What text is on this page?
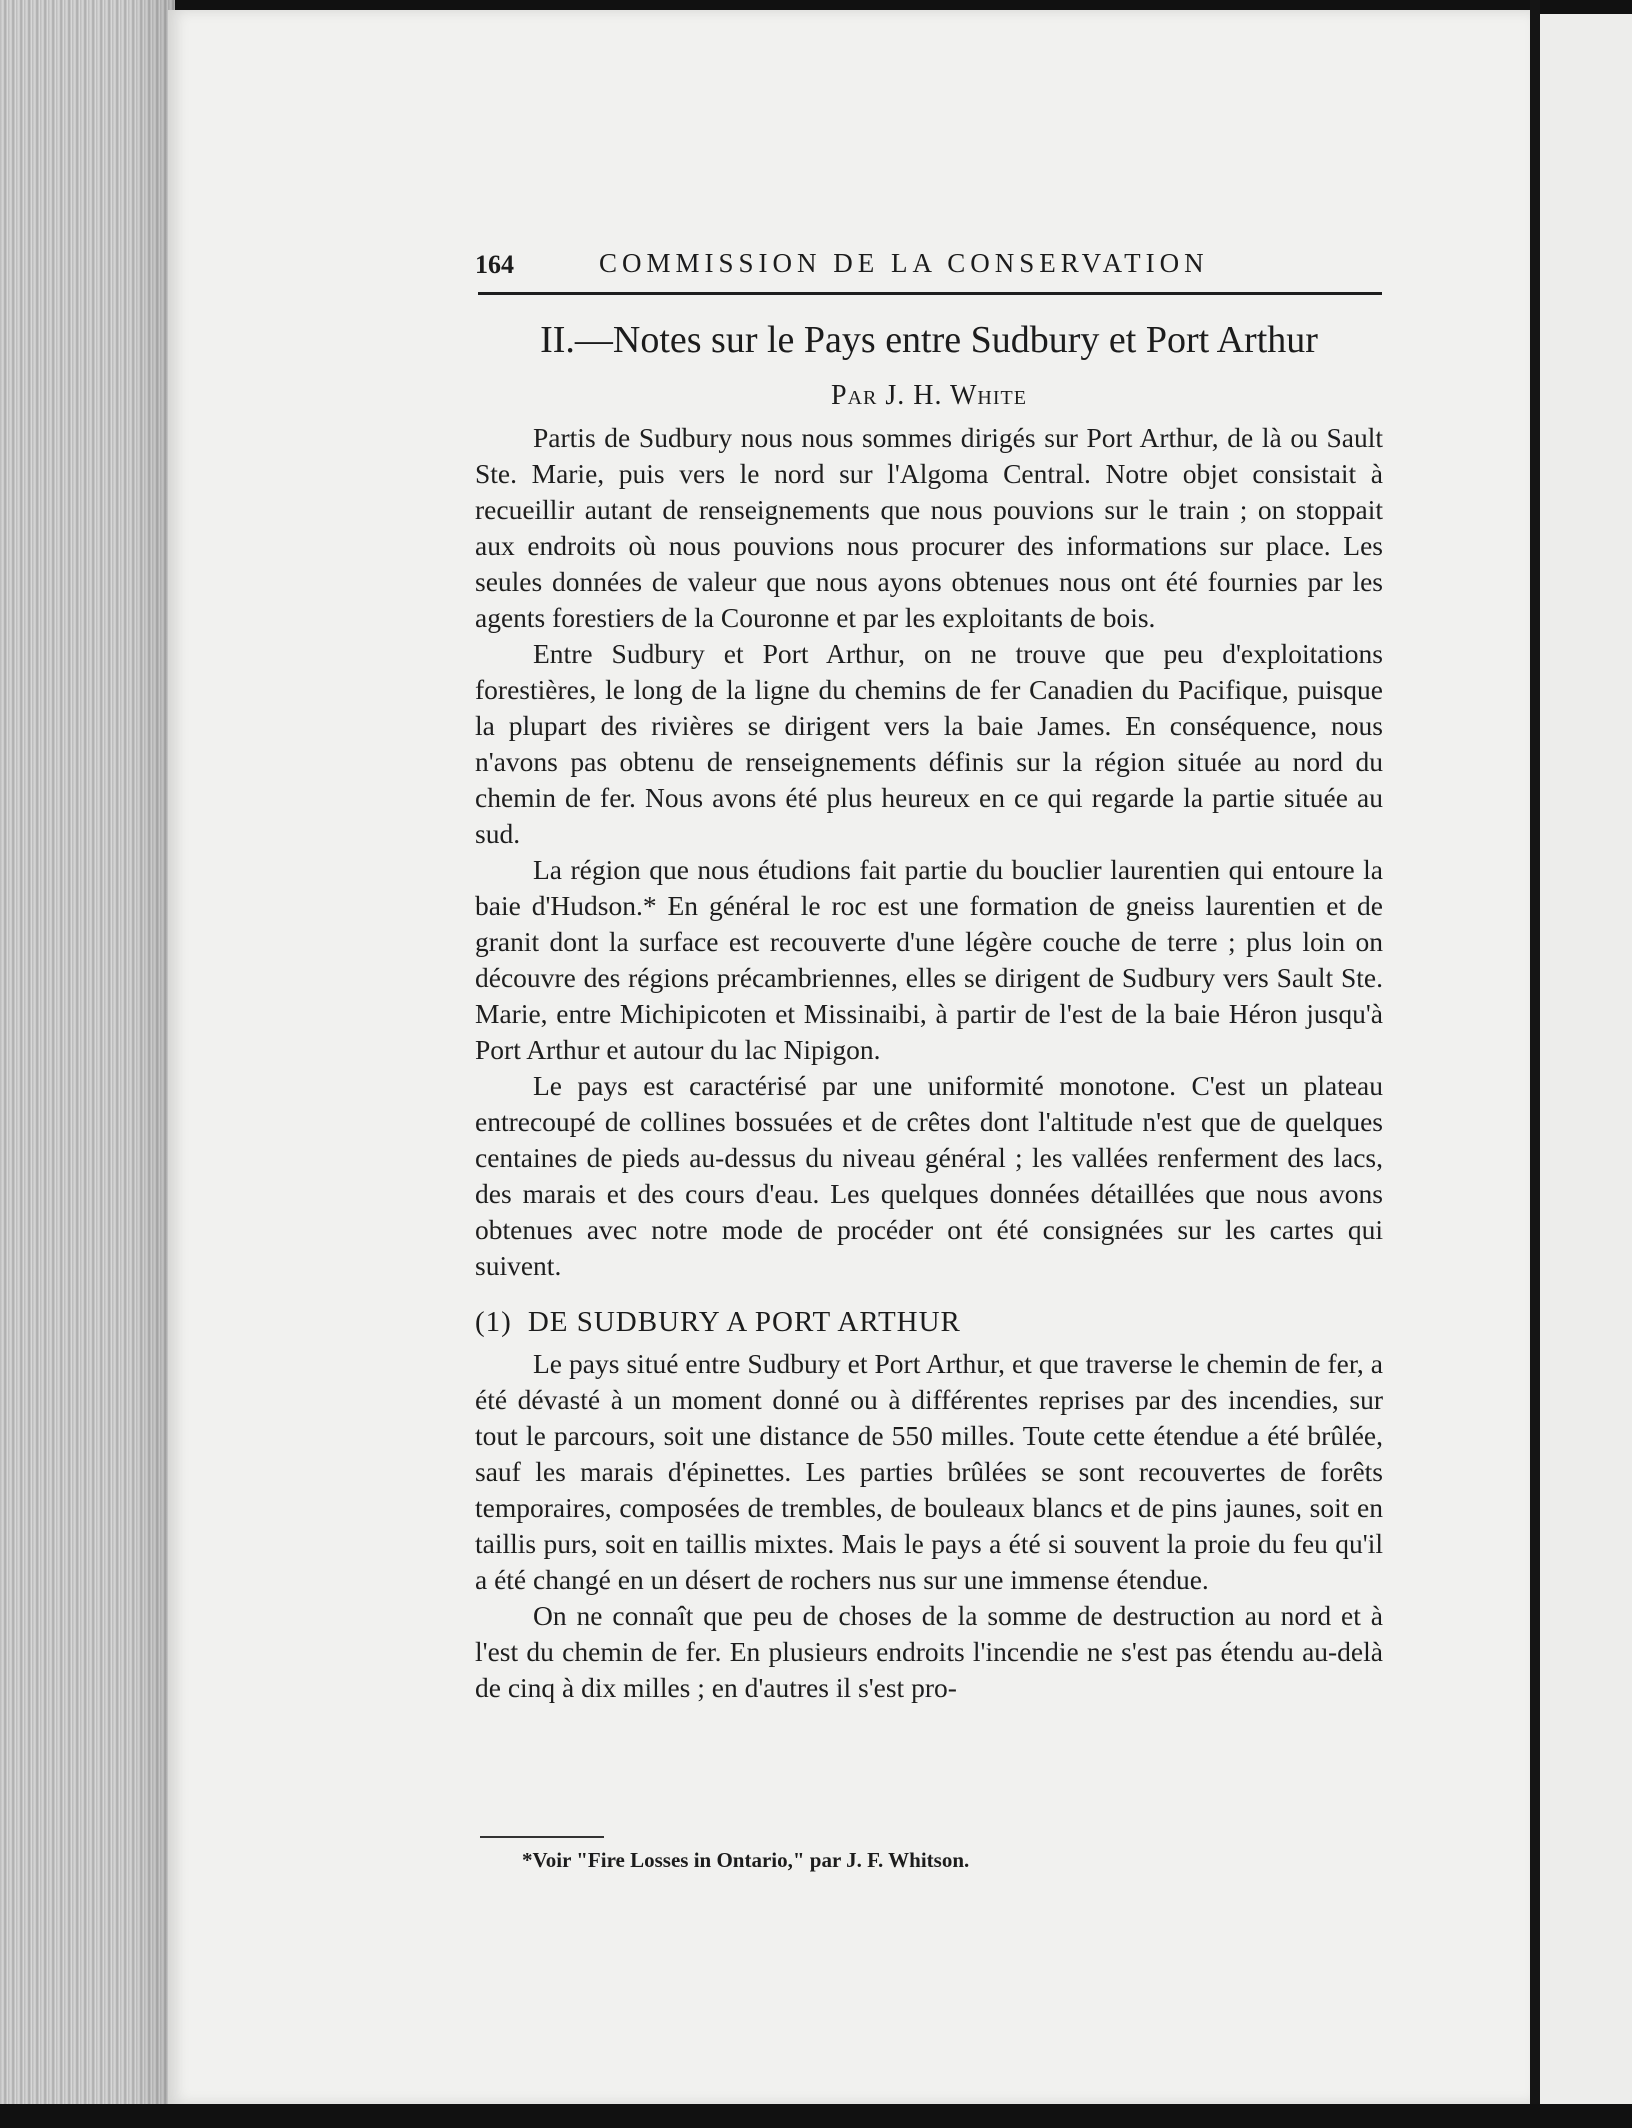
164	COMMISSION DE LA CONSERVATION
II.—Notes sur le Pays entre Sudbury et Port Arthur
Par J. H. White

Partis de Sudbury nous nous sommes dirigés sur Port Arthur, de là ou Sault Ste. Marie, puis vers le nord sur l'Algoma Central. Notre objet consistait à recueillir autant de renseignements que nous pouvions sur le train ; on stoppait aux endroits où nous pouvions nous procurer des informations sur place. Les seules données de valeur que nous ayons obtenues nous ont été fournies par les agents forestiers de la Couronne et par les exploitants de bois.

Entre Sudbury et Port Arthur, on ne trouve que peu d'exploitations forestières, le long de la ligne du chemins de fer Canadien du Pacifique, puisque la plupart des rivières se dirigent vers la baie James. En conséquence, nous n'avons pas obtenu de renseignements définis sur la région située au nord du chemin de fer. Nous avons été plus heureux en ce qui regarde la partie située au sud.

La région que nous étudions fait partie du bouclier laurentien qui entoure la baie d'Hudson.* En général le roc est une formation de gneiss laurentien et de granit dont la surface est recouverte d'une légère couche de terre ; plus loin on découvre des régions précambriennes, elles se dirigent de Sudbury vers Sault Ste. Marie, entre Michipicoten et Missinaibi, à partir de l'est de la baie Héron jusqu'à Port Arthur et autour du lac Nipigon.

Le pays est caractérisé par une uniformité monotone. C'est un plateau entrecoupé de collines bossuées et de crêtes dont l'altitude n'est que de quelques centaines de pieds au-dessus du niveau général ; les vallées renferment des lacs, des marais et des cours d'eau. Les quelques données détaillées que nous avons obtenues avec notre mode de procéder ont été consignées sur les cartes qui suivent.

(1) DE SUDBURY A PORT ARTHUR

Le pays situé entre Sudbury et Port Arthur, et que traverse le chemin de fer, a été dévasté à un moment donné ou à différentes reprises par des incendies, sur tout le parcours, soit une distance de 550 milles. Toute cette étendue a été brûlée, sauf les marais d'épinettes. Les parties brûlées se sont recouvertes de forêts temporaires, composées de trembles, de bouleaux blancs et de pins jaunes, soit en taillis purs, soit en taillis mixtes. Mais le pays a été si souvent la proie du feu qu'il a été changé en un désert de rochers nus sur une immense étendue.

On ne connaît que peu de choses de la somme de destruction au nord et à l'est du chemin de fer. En plusieurs endroits l'incendie ne s'est pas étendu au-delà de cinq à dix milles ; en d'autres il s'est pro-

*Voir "Fire Losses in Ontario," par J. F. Whitson.
